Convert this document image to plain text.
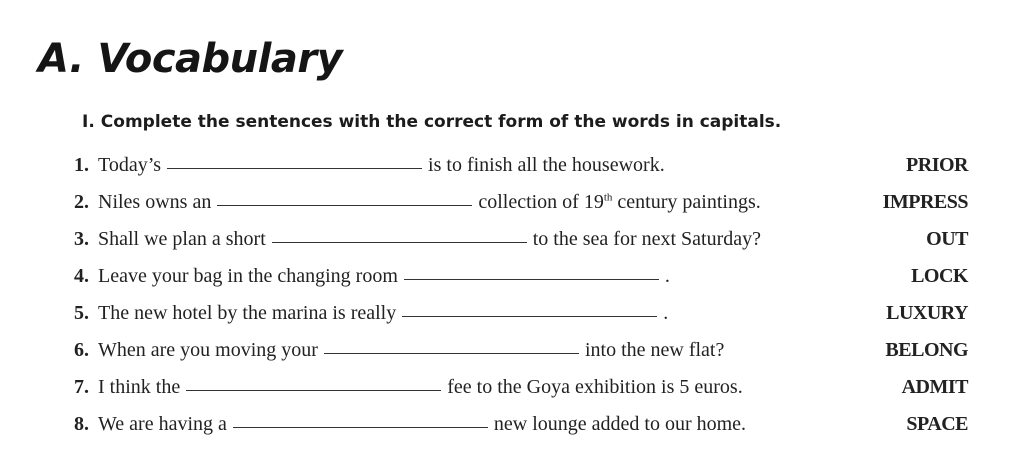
A. Vocabulary
I. Complete the sentences with the correct form of the words in capitals.
1. Today’s	is to finish all the housework.	PRIOR
2. Niles owns an	collection of 19th century paintings.	IMPRESS
3. Shall we plan a short	to the sea for next Saturday?	OUT
4. Leave your bag in the changing room	.	LOCK
5. The new hotel by the marina is really	.	LUXURY
6. When are you moving your	into the new flat?	BELONG
7. I think the	fee to the Goya exhibition is 5 euros.	ADMIT
8. We are having a	new lounge added to our home.	SPACE
